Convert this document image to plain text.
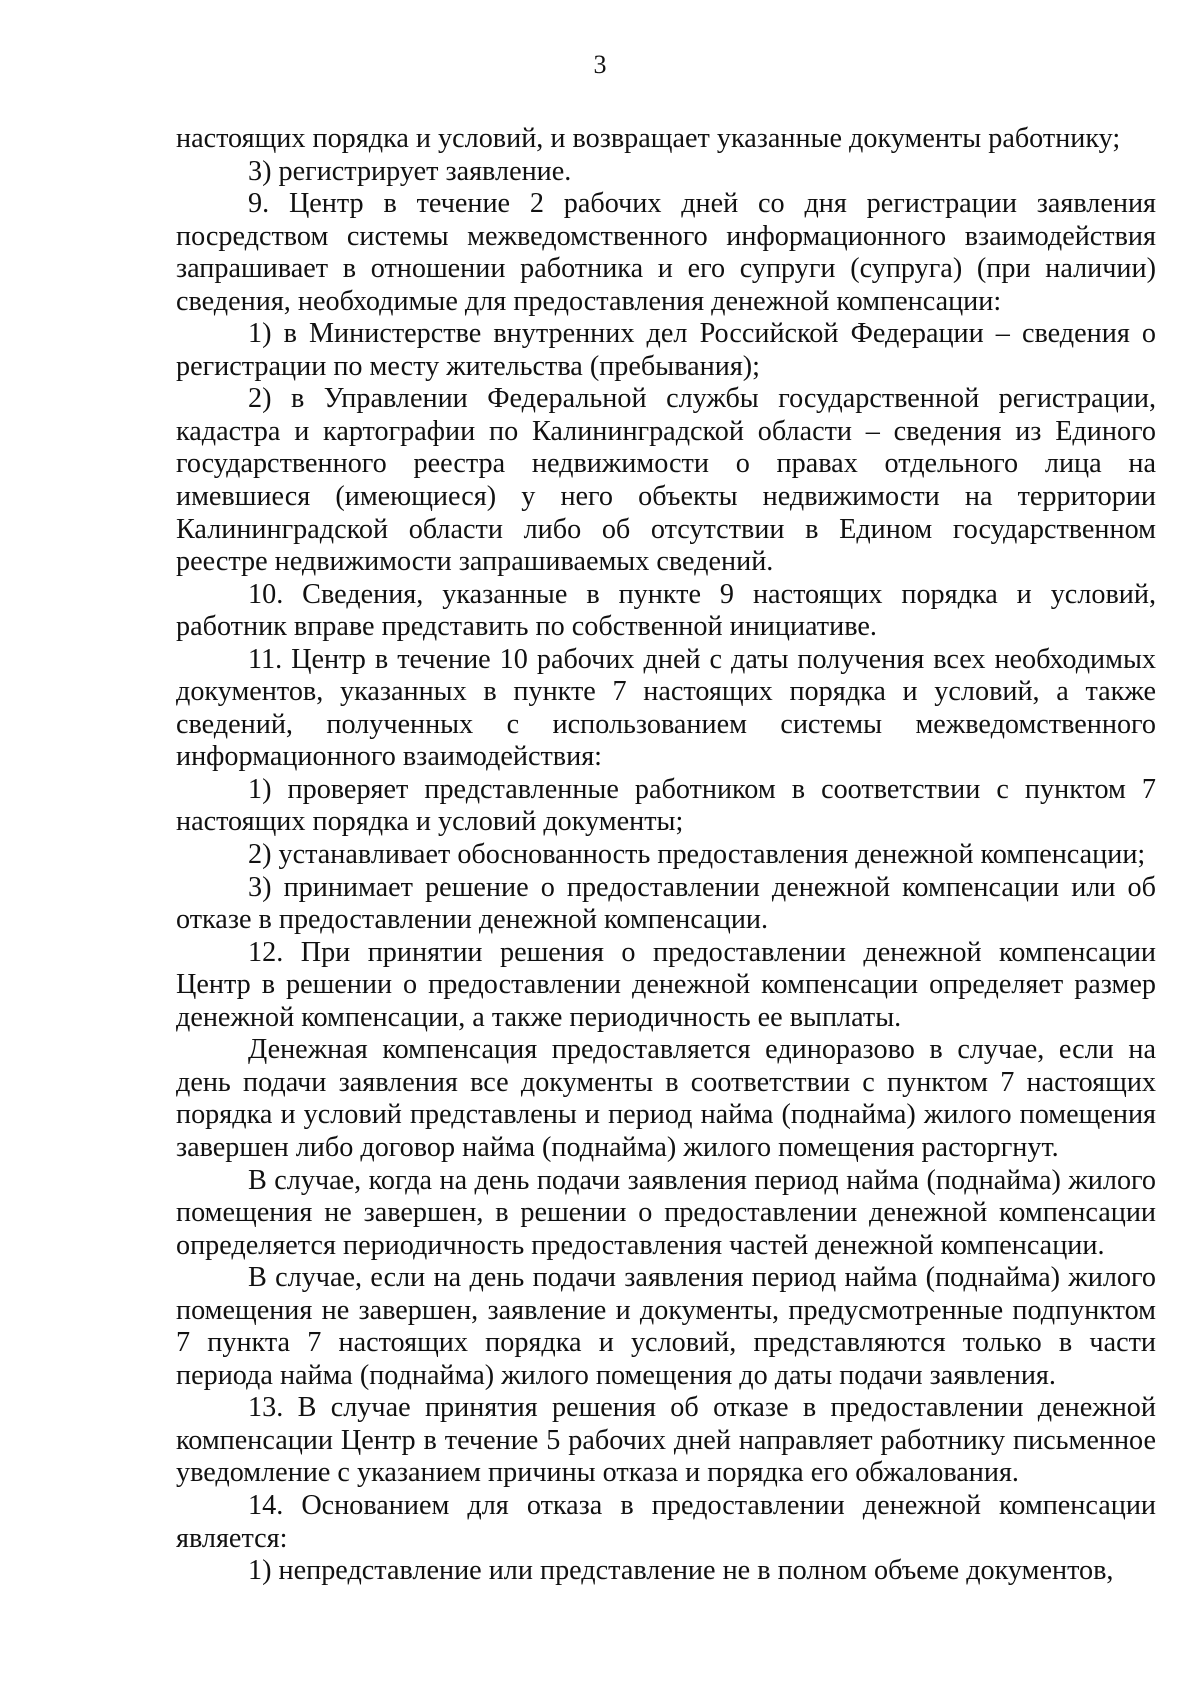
3

настоящих порядка и условий, и возвращает указанные документы работнику;

3) регистрирует заявление.

9. Центр в течение 2 рабочих дней со дня регистрации заявления посредством системы межведомственного информационного взаимодействия запрашивает в отношении работника и его супруги (супруга) (при наличии) сведения, необходимые для предоставления денежной компенсации:

1) в Министерстве внутренних дел Российской Федерации – сведения о регистрации по месту жительства (пребывания);

2) в Управлении Федеральной службы государственной регистрации, кадастра и картографии по Калининградской области – сведения из Единого государственного реестра недвижимости о правах отдельного лица на имевшиеся (имеющиеся) у него объекты недвижимости на территории Калининградской области либо об отсутствии в Едином государственном реестре недвижимости запрашиваемых сведений.

10. Сведения, указанные в пункте 9 настоящих порядка и условий, работник вправе представить по собственной инициативе.

11. Центр в течение 10 рабочих дней с даты получения всех необходимых документов, указанных в пункте 7 настоящих порядка и условий, а также сведений, полученных с использованием системы межведомственного информационного взаимодействия:

1) проверяет представленные работником в соответствии с пунктом 7 настоящих порядка и условий документы;

2) устанавливает обоснованность предоставления денежной компенсации;

3) принимает решение о предоставлении денежной компенсации или об отказе в предоставлении денежной компенсации.

12. При принятии решения о предоставлении денежной компенсации Центр в решении о предоставлении денежной компенсации определяет размер денежной компенсации, а также периодичность ее выплаты.

Денежная компенсация предоставляется единоразово в случае, если на день подачи заявления все документы в соответствии с пунктом 7 настоящих порядка и условий представлены и период найма (поднайма) жилого помещения завершен либо договор найма (поднайма) жилого помещения расторгнут.

В случае, когда на день подачи заявления период найма (поднайма) жилого помещения не завершен, в решении о предоставлении денежной компенсации определяется периодичность предоставления частей денежной компенсации.

В случае, если на день подачи заявления период найма (поднайма) жилого помещения не завершен, заявление и документы, предусмотренные подпунктом 7 пункта 7 настоящих порядка и условий, представляются только в части периода найма (поднайма) жилого помещения до даты подачи заявления.

13. В случае принятия решения об отказе в предоставлении денежной компенсации Центр в течение 5 рабочих дней направляет работнику письменное уведомление с указанием причины отказа и порядка его обжалования.

14. Основанием для отказа в предоставлении денежной компенсации является:

1) непредставление или представление не в полном объеме документов,
